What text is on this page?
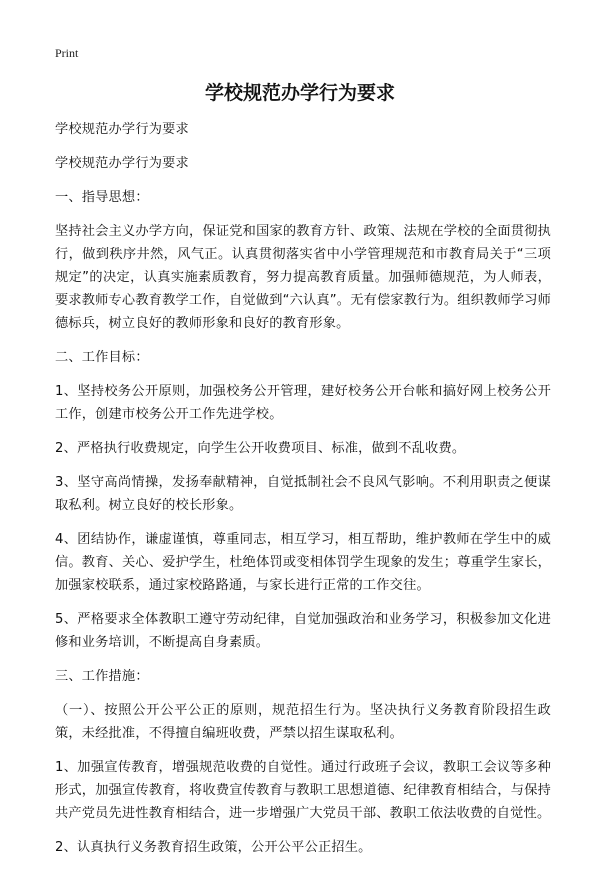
Print
学校规范办学行为要求

学校规范办学行为要求

学校规范办学行为要求

一、指导思想：

坚持社会主义办学方向，保证党和国家的教育方针、政策、法规在学校的全面贯彻执行，做到秩序井然，风气正。认真贯彻落实省中小学管理规范和市教育局关于“三项规定”的决定，认真实施素质教育，努力提高教育质量。加强师德规范，为人师表，要求教师专心教育教学工作，自觉做到“六认真”。无有偿家教行为。组织教师学习师德标兵，树立良好的教师形象和良好的教育形象。

二、工作目标：

1、坚持校务公开原则，加强校务公开管理，建好校务公开台帐和搞好网上校务公开工作，创建市校务公开工作先进学校。

2、严格执行收费规定，向学生公开收费项目、标准，做到不乱收费。

3、坚守高尚情操，发扬奉献精神，自觉抵制社会不良风气影响。不利用职责之便谋取私利。树立良好的校长形象。

4、团结协作，谦虚谨慎，尊重同志，相互学习，相互帮助，维护教师在学生中的威信。教育、关心、爱护学生，杜绝体罚或变相体罚学生现象的发生；尊重学生家长，加强家校联系，通过家校路路通，与家长进行正常的工作交往。

5、严格要求全体教职工遵守劳动纪律，自觉加强政治和业务学习，积极参加文化进修和业务培训，不断提高自身素质。

三、工作措施：

（一）、按照公开公平公正的原则，规范招生行为。坚决执行义务教育阶段招生政策，未经批准，不得擅自编班收费，严禁以招生谋取私利。

1、加强宣传教育，增强规范收费的自觉性。通过行政班子会议，教职工会议等多种形式，加强宣传教育，将收费宣传教育与教职工思想道德、纪律教育相结合，与保持共产党员先进性教育相结合，进一步增强广大党员干部、教职工依法收费的自觉性。

2、认真执行义务教育招生政策，公开公平公正招生。
